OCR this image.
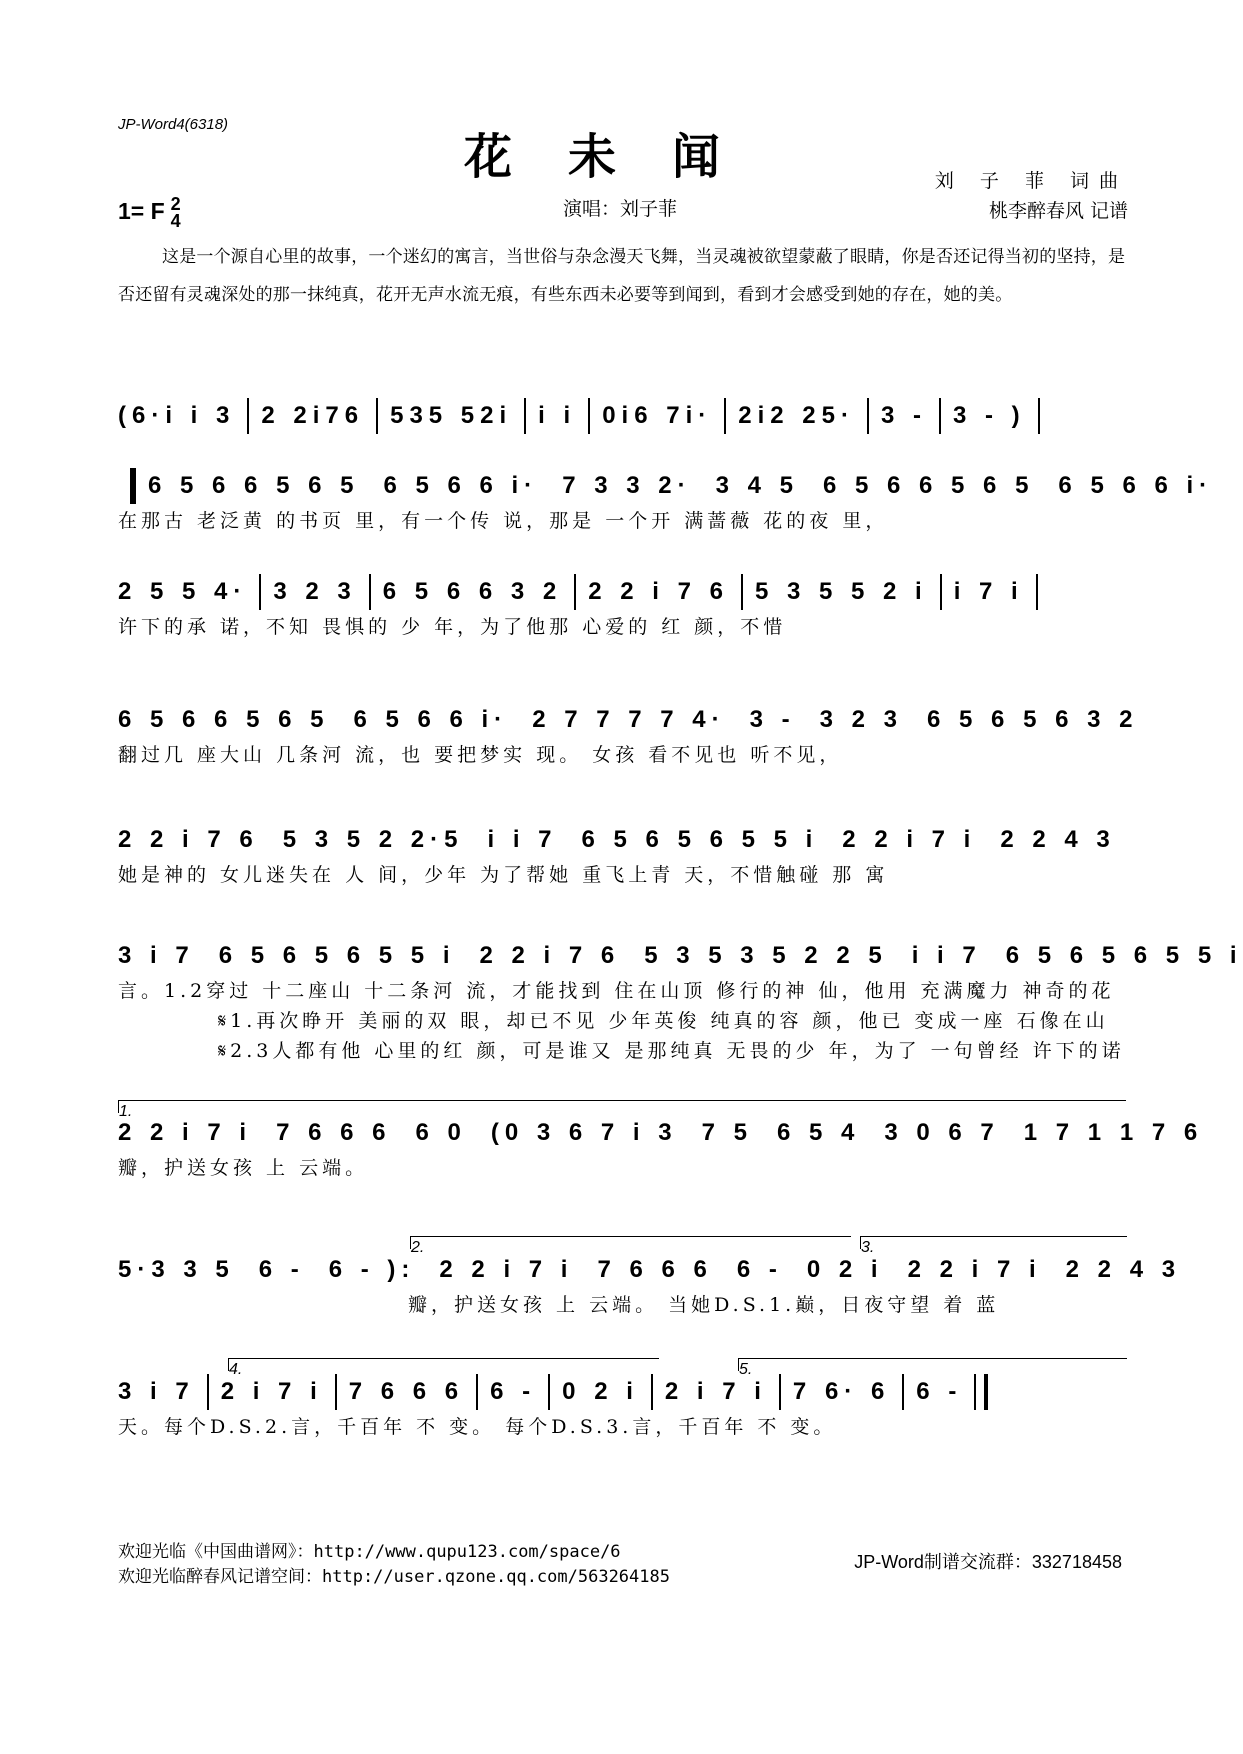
JP-Word4(6318)
花未闻	刘 子 菲 词曲
桃李醉春风 记谱
演唱：刘子菲
1= F 2
4
这是一个源自心里的故事，一个迷幻的寓言，当世俗与杂念漫天飞舞，当灵魂被欲望蒙蔽了眼睛，你是否还记得当初的坚持，是否还留有灵魂深处的那一抹纯真，花开无声水流无痕，有些东西未必要等到闻到，看到才会感受到她的存在，她的美。
(6·i i 3 2 2i76 535 52i i i 0i6 7i· 2i2 25· 3 - 3 - )
6 5 6 6 5 6 5 6 5 6 6 i· 7 3 3 2· 3 4 5 6 5 6 6 5 6 5 6 5 6 6 i·
在那古 老泛黄 的书页 里，有一个传 说，那是 一个开 满蔷薇 花的夜 里，
2 5 5 4· 3 2 3 6 5 6 6 3 2 2 2 i 7 6 5 3 5 5 2 i i 7 i
许下的承 诺，不知 畏惧的 少 年，为了他那 心爱的 红 颜，不惜
6 5 6 6 5 6 5 6 5 6 6 i· 2 7 7 7 7 4· 3 - 3 2 3 6 5 6 5 6 3 2
翻过几 座大山 几条河 流，也 要把梦实 现。 女孩 看不见也 听不见，
2 2 i 7 6 5 3 5 2 2·5 i i 7 6 5 6 5 6 5 5 i 2 2 i 7 i 2 2 4 3
她是神的 女儿迷失在 人 间，少年 为了帮她 重飞上青 天，不惜触碰 那 寓
3 i 7 6 5 6 5 6 5 5 i 2 2 i 7 6 5 3 5 3 5 2 2 5 i i 7 6 5 6 5 6 5 5 i
言。1.2穿过 十二座山 十二条河 流，才能找到 住在山顶 修行的神 仙，他用 充满魔力 神奇的花
𝄋1.再次睁开 美丽的双 眼，却已不见 少年英俊 纯真的容 颜，他已 变成一座 石像在山
𝄋2.3人都有他 心里的红 颜，可是谁又 是那纯真 无畏的少 年，为了 一句曾经 许下的诺
1.
2 2 i 7 i 7 6 6 6 6 0 (0 3 6 7 i 3 7 5 6 5 4 3 0 6 7 1 7 1 1 7 6
瓣，护送女孩 上 云端。
2.	3.
5·3 3 5 6 - 6 - ): 2 2 i 7 i 7 6 6 6 6 - 0 2 i 2 2 i 7 i 2 2 4 3
瓣，护送女孩 上 云端。 当她D.S.1.巅，日夜守望 着 蓝
4.	5.
3 i 7 2 i 7 i 7 6 6 6 6 - 0 2 i 2 i 7 i 7 6· 6 6 -
天。每个D.S.2.言，千百年 不 变。 每个D.S.3.言，千百年 不 变。
欢迎光临《中国曲谱网》：http://www.qupu123.com/space/6
欢迎光临醉春风记谱空间：http://user.qzone.qq.com/563264185
JP-Word制谱交流群：332718458
